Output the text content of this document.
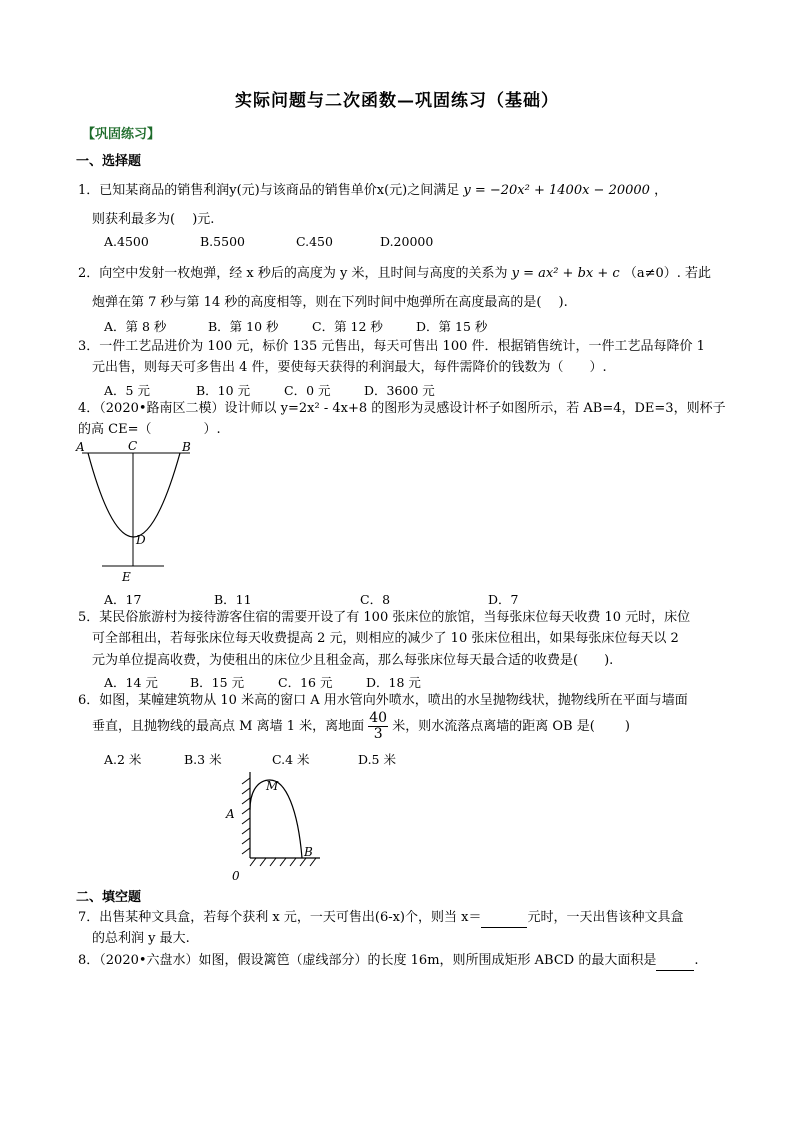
实际问题与二次函数—巩固练习（基础）
【巩固练习】
一、选择题
1．已知某商品的销售利润y(元)与该商品的销售单价x(元)之间满足 y = −20x² + 1400x − 20000 ，
则获利最多为(　 )元.
A.4500	B.5500	C.450	D.20000
2．向空中发射一枚炮弹，经 x 秒后的高度为 y 米，且时间与高度的关系为 y = ax² + bx + c （a≠0）. 若此
炮弹在第 7 秒与第 14 秒的高度相等，则在下列时间中炮弹所在高度最高的是(　 ).
A．第 8 秒	B．第 10 秒	C．第 12 秒	D．第 15 秒
3．一件工艺品进价为 100 元，标价 135 元售出，每天可售出 100 件．根据销售统计，一件工艺品每降价 1
元出售，则每天可多售出 4 件，要使每天获得的利润最大，每件需降价的钱数为（　　）.
A．5 元	B．10 元	C．0 元	D．3600 元
4．（2020•路南区二模）设计师以 y=2x² - 4x+8 的图形为灵感设计杯子如图所示，若 AB=4，DE=3，则杯子
的高 CE=（　　　　）.
A	C	B
D
E
A．17	B．11	C．8	D．7
5．某民俗旅游村为接待游客住宿的需要开设了有 100 张床位的旅馆，当每张床位每天收费 10 元时，床位
可全部租出，若每张床位每天收费提高 2 元，则相应的减少了 10 张床位租出，如果每张床位每天以 2
元为单位提高收费，为使租出的床位少且租金高，那么每张床位每天最合适的收费是(　　).
A．14 元	B．15 元	C．16 元	D．18 元
6．如图，某幢建筑物从 10 米高的窗口 A 用水管向外喷水，喷出的水呈抛物线状，抛物线所在平面与墙面
垂直，且抛物线的最高点 M 离墙 1 米，离地面 $\frac{40}{3}$ 米，则水流落点离墙的距离 OB 是(　　 )
A.2 米	B.3 米	C.4 米	D.5 米
A
M
B
0
二、填空题
7．出售某种文具盒，若每个获利 x 元，一天可售出(6-x)个，则当 x＝	元时，一天出售该种文具盒
的总利润 y 最大.
8．（2020•六盘水）如图，假设篱笆（虚线部分）的长度 16m，则所围成矩形 ABCD 的最大面积是	.
